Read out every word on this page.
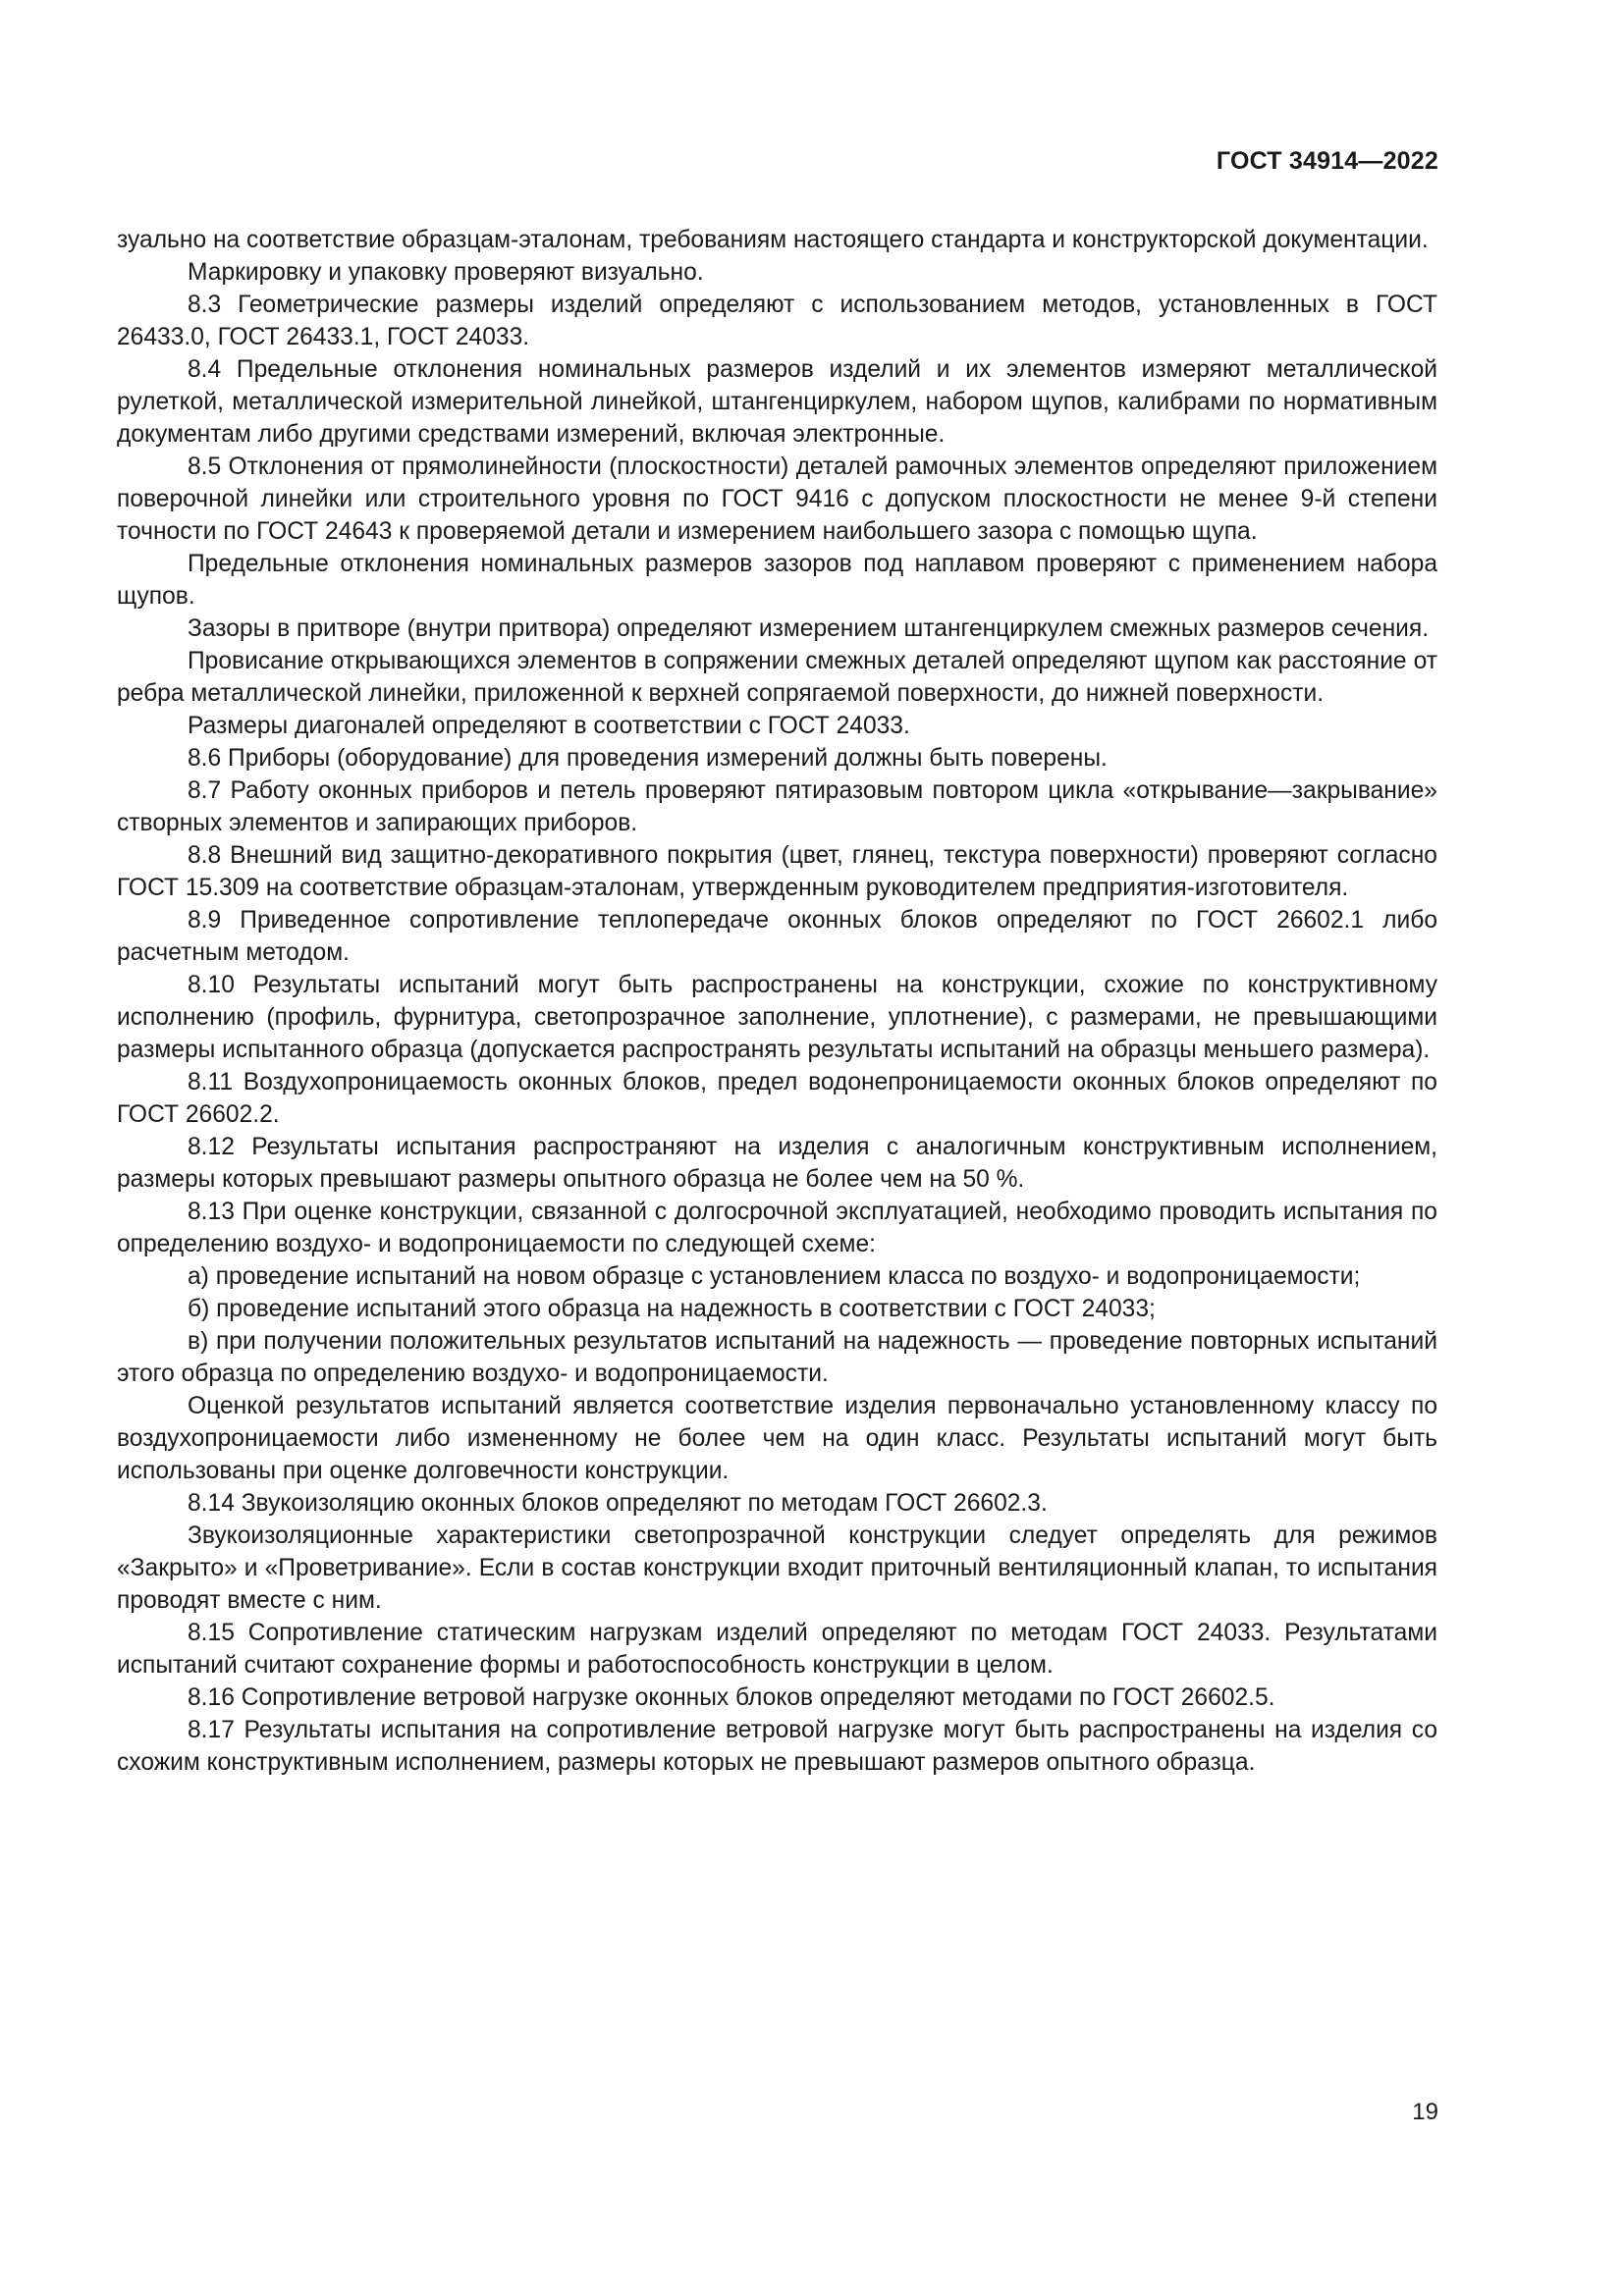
ГОСТ 34914—2022

зуально на соответствие образцам-эталонам, требованиям настоящего стандарта и конструкторской документации.

Маркировку и упаковку проверяют визуально.

8.3 Геометрические размеры изделий определяют с использованием методов, установленных в ГОСТ 26433.0, ГОСТ 26433.1, ГОСТ 24033.

8.4 Предельные отклонения номинальных размеров изделий и их элементов измеряют металлической рулеткой, металлической измерительной линейкой, штангенциркулем, набором щупов, калибрами по нормативным документам либо другими средствами измерений, включая электронные.

8.5 Отклонения от прямолинейности (плоскостности) деталей рамочных элементов определяют приложением поверочной линейки или строительного уровня по ГОСТ 9416 с допуском плоскостности не менее 9-й степени точности по ГОСТ 24643 к проверяемой детали и измерением наибольшего зазора с помощью щупа.

Предельные отклонения номинальных размеров зазоров под наплавом проверяют с применением набора щупов.

Зазоры в притворе (внутри притвора) определяют измерением штангенциркулем смежных размеров сечения.

Провисание открывающихся элементов в сопряжении смежных деталей определяют щупом как расстояние от ребра металлической линейки, приложенной к верхней сопрягаемой поверхности, до нижней поверхности.

Размеры диагоналей определяют в соответствии с ГОСТ 24033.

8.6 Приборы (оборудование) для проведения измерений должны быть поверены.

8.7 Работу оконных приборов и петель проверяют пятиразовым повтором цикла «открывание—закрывание» створных элементов и запирающих приборов.

8.8 Внешний вид защитно-декоративного покрытия (цвет, глянец, текстура поверхности) проверяют согласно ГОСТ 15.309 на соответствие образцам-эталонам, утвержденным руководителем предприятия-изготовителя.

8.9 Приведенное сопротивление теплопередаче оконных блоков определяют по ГОСТ 26602.1 либо расчетным методом.

8.10 Результаты испытаний могут быть распространены на конструкции, схожие по конструктивному исполнению (профиль, фурнитура, светопрозрачное заполнение, уплотнение), с размерами, не превышающими размеры испытанного образца (допускается распространять результаты испытаний на образцы меньшего размера).

8.11 Воздухопроницаемость оконных блоков, предел водонепроницаемости оконных блоков определяют по ГОСТ 26602.2.

8.12 Результаты испытания распространяют на изделия с аналогичным конструктивным исполнением, размеры которых превышают размеры опытного образца не более чем на 50 %.

8.13 При оценке конструкции, связанной с долгосрочной эксплуатацией, необходимо проводить испытания по определению воздухо- и водопроницаемости по следующей схеме:

а) проведение испытаний на новом образце с установлением класса по воздухо- и водопроницаемости;

б) проведение испытаний этого образца на надежность в соответствии с ГОСТ 24033;

в) при получении положительных результатов испытаний на надежность — проведение повторных испытаний этого образца по определению воздухо- и водопроницаемости.

Оценкой результатов испытаний является соответствие изделия первоначально установленному классу по воздухопроницаемости либо измененному не более чем на один класс. Результаты испытаний могут быть использованы при оценке долговечности конструкции.

8.14 Звукоизоляцию оконных блоков определяют по методам ГОСТ 26602.3.

Звукоизоляционные характеристики светопрозрачной конструкции следует определять для режимов «Закрыто» и «Проветривание». Если в состав конструкции входит приточный вентиляционный клапан, то испытания проводят вместе с ним.

8.15 Сопротивление статическим нагрузкам изделий определяют по методам ГОСТ 24033. Результатами испытаний считают сохранение формы и работоспособность конструкции в целом.

8.16 Сопротивление ветровой нагрузке оконных блоков определяют методами по ГОСТ 26602.5.

8.17 Результаты испытания на сопротивление ветровой нагрузке могут быть распространены на изделия со схожим конструктивным исполнением, размеры которых не превышают размеров опытного образца.

19
